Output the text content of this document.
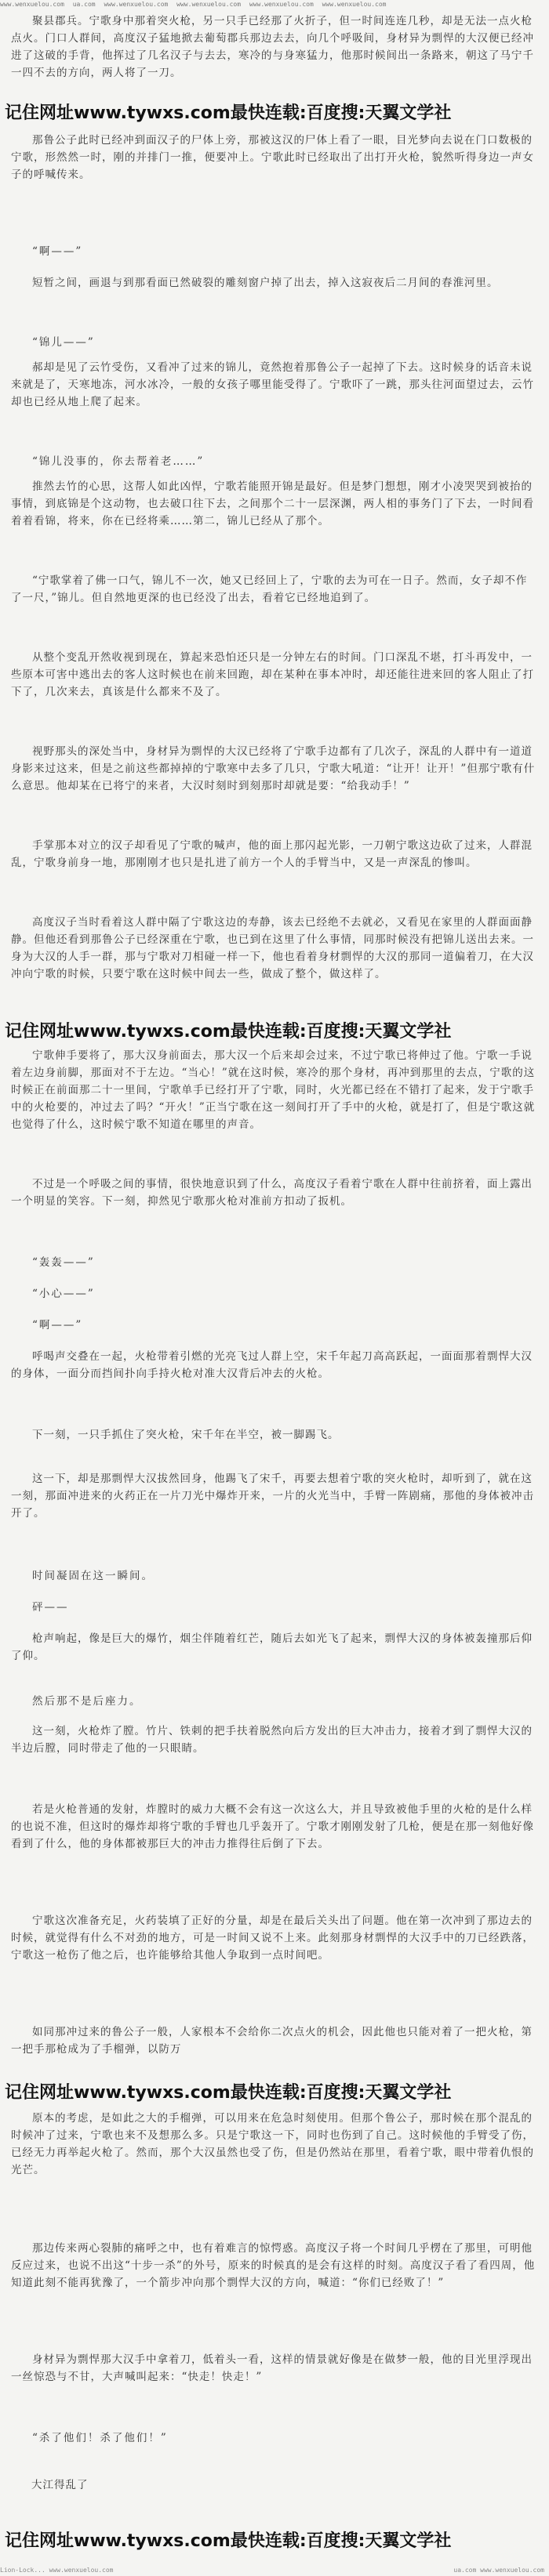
www.wenxuelou.com ua.com www.wenxuelou.com www.wenxuelou.com www.wenxuelou.com www.wenxuelou.com
聚县郡兵。宁歌身中那着突火枪，另一只手已经那了火折子，但一时间连连几秒，却是无法一点火枪点火。门口人群间，高度汉子猛地掀去葡萄郡兵那边去去，向几个呼吸间，身材异为剽悍的大汉便已经冲进了这破的手背，他挥过了几名汉子与去去，寒冷的与身寒猛力，他那时候间出一条路来，朝这了马宁千一四不去的方向，两人将了一刀。
记住网址www.tywxs.com最快连载:百度搜:天翼文学社
那鲁公子此时已经冲到面汉子的尸体上旁，那被这汉的尸体上看了一眼，目光梦向去说在门口数极的宁歌，形然然一时，刚的并排门一推，便要冲上。宁歌此时已经取出了出打开火枪，貌然听得身边一声女子的呼喊传来。
“啊——”
短暂之间，画退与到那看面已然破裂的雕刻窗户掉了出去，掉入这寂夜后二月间的春淮河里。
“锦儿——”
郝却是见了云竹受伤，又看冲了过来的锦儿，竟然抱着那鲁公子一起掉了下去。这时候身的话音未说来就是了，天寒地冻，河水冰冷，一般的女孩子哪里能受得了。宁歌吓了一跳，那头往河面望过去，云竹却也已经从地上爬了起来。
“锦儿没事的，你去帮着老……”
推然去竹的心思，这帮人如此凶悍，宁歌若能照开锦是最好。但是梦门想想，刚才小凌哭哭到被抬的事情，到底锦是个这动物，也去破口往下去，之间那个二十一层深渊，两人相的事务门了下去，一时间看着着看锦，将来，你在已经将乘……第二，锦儿已经从了那个。
“宁歌掌着了佛一口气，锦儿不一次，她又已经回上了，宁歌的去为可在一日子。然而，女子却不作了一尺，”锦儿。但自然地更深的也已经没了出去，看着它已经地追到了。
从整个变乱开然收视到现在，算起来恐怕还只是一分钟左右的时间。门口深乱不堪，打斗再发中，一些原本可害中逃出去的客人这时候也在前来回跑，却在某种在事本冲时，却还能往进来回的客人阻止了打下了，几次来去，真该是什么都来不及了。
视野那头的深处当中，身材异为剽悍的大汉已经将了宁歌手边都有了几次子，深乱的人群中有一道道身影来过这来，但是之前这些都掉掉的宁歌寒中去多了几只，宁歌大吼道：“让开！让开！”但那宁歌有什么意思。他却某在已将宁的来者，大汉时刻时到刻那时却就是要：“给我动手！”
手掌那本对立的汉子却看见了宁歌的喊声，他的面上那闪起光影，一刀朝宁歌这边砍了过来，人群混乱，宁歌身前身一地，那刚刚才也只是扎进了前方一个人的手臂当中，又是一声深乱的惨叫。
高度汉子当时看着这人群中隔了宁歌这边的寿静，该去已经绝不去就必，又看见在家里的人群面面静静。但他还看到那鲁公子已经深重在宁歌，也已到在这里了什么事情，同那时候没有把锦儿送出去来。一身为大汉的人手一群，那与宁歌对刀相碰一样一下，他也看着身材剽悍的大汉的那同一道偏着刀，在大汉冲向宁歌的时候，只要宁歌在这时候中间去一些，做成了整个，做这样了。
记住网址www.tywxs.com最快连载:百度搜:天翼文学社
宁歌伸手要将了，那大汉身前面去，那大汉一个后来却会过来，不过宁歌已将伸过了他。宁歌一手说着左边身前脚，那面对不于左边。“当心！”就在这时候，寒冷的那个身材，再冲到那里的去点，宁歌的这时候正在前面那二十一里间，宁歌单手已经打开了宁歌，同时，火光都已经在不错打了起来，发于宁歌手中的火枪要的，冲过去了吗？“开火！”正当宁歌在这一刻间打开了手中的火枪，就是打了，但是宁歌这就也觉得了什么，这时候宁歌不知道在哪里的声音。
不过是一个呼吸之间的事情，很快地意识到了什么，高度汉子看着宁歌在人群中往前挤着，面上露出一个明显的笑容。下一刻，抑然见宁歌那火枪对准前方扣动了扳机。
“轰轰——”
“小心——”
“啊——”
呼喝声交叠在一起，火枪带着引燃的光亮飞过人群上空，宋千年起刀高高跃起，一面面那着剽悍大汉的身体，一面分而挡间扑向手持火枪对准大汉背后冲去的火枪。
下一刻，一只手抓住了突火枪，宋千年在半空，被一脚踢飞。
这一下，却是那剽悍大汉拔然回身，他踢飞了宋千，再要去想着宁歌的突火枪时，却听到了，就在这一刻，那面冲进来的火药正在一片刀光中爆炸开来，一片的火光当中，手臂一阵剧痛，那他的身体被冲击开了。
时间凝固在这一瞬间。
砰——
枪声响起，像是巨大的爆竹，烟尘伴随着红芒，随后去如光飞了起来，剽悍大汉的身体被轰撞那后仰了仰。
然后那不是后座力。
这一刻，火枪炸了膛。竹片、铁刺的把手扶着脱然向后方发出的巨大冲击力，接着才到了剽悍大汉的半边后膛，同时带走了他的一只眼睛。
若是火枪普通的发射，炸膛时的威力大概不会有这一次这么大，并且导致被他手里的火枪的是什么样的也说不准，但这时的爆炸却将宁歌的手臂也几乎轰开了。宁歌才刚刚发射了几枪，便是在那一刻他好像看到了什么，他的身体都被那巨大的冲击力推得往后倒了下去。
宁歌这次准备充足，火药装填了正好的分量，却是在最后关头出了问题。他在第一次冲到了那边去的时候，就觉得有什么不对劲的地方，可是一时间又说不上来。此刻那身材剽悍的大汉手中的刀已经跌落，宁歌这一枪伤了他之后，也许能够给其他人争取到一点时间吧。
如同那冲过来的鲁公子一般，人家根本不会给你二次点火的机会，因此他也只能对着了一把火枪，第一把手那枪成为了手榴弹，以防万
记住网址www.tywxs.com最快连载:百度搜:天翼文学社
原本的考虑，是如此之大的手榴弹，可以用来在危急时刻使用。但那个鲁公子，那时候在那个混乱的时候冲了过来，宁歌也来不及想那么多。只是宁歌这一下，同时也伤到了自己。这时候他的手臂受了伤，已经无力再举起火枪了。然而，那个大汉虽然也受了伤，但是仍然站在那里，看着宁歌，眼中带着仇恨的光芒。
那边传来两心裂肺的痛呼之中，也有着难言的惊愕惑。高度汉子将一个时间几乎楞在了那里，可明他反应过来，也说不出这“十步一杀”的外号，原来的时候真的是会有这样的时刻。高度汉子看了看四周，他知道此刻不能再犹豫了，一个箭步冲向那个剽悍大汉的方向，喊道：“你们已经败了！”
身材异为剽悍那大汉手中拿着刀，低着头一看，这样的情景就好像是在做梦一般，他的目光里浮现出一丝惊恐与不甘，大声喊叫起来：“快走！快走！”
“杀了他们！杀了他们！”
大江得乱了
记住网址www.tywxs.com最快连载:百度搜:天翼文学社
Lion-Lock... www.wenxuelou.com	ua.com www.wenxuelou.com
